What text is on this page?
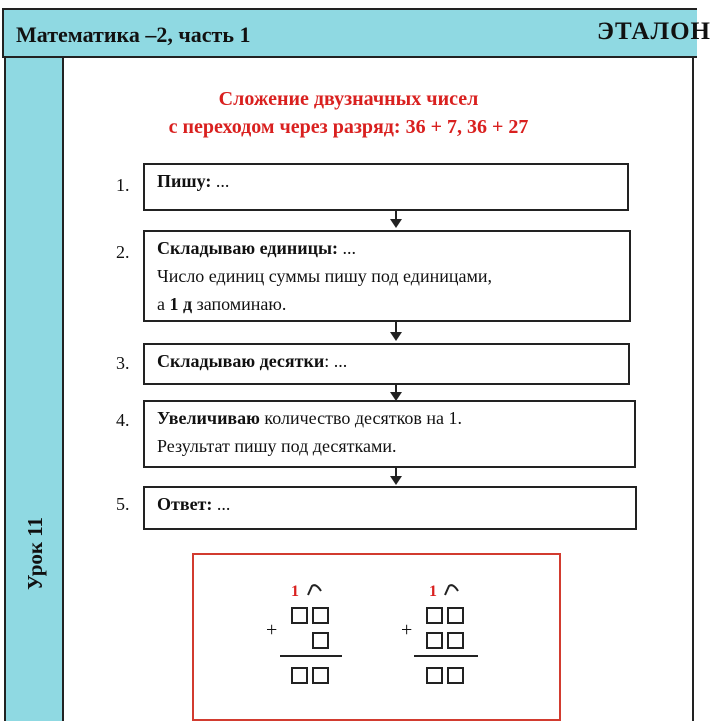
Математика –2, часть 1	ЭТАЛОН
Урок 11
Сложение двузначных чисел
с переходом через разряд: 36 + 7, 36 + 27
1.	Пишу: ...
2. Складываю единицы: ...
Число единиц суммы пишу под единицами,
а 1 д запоминаю.
3.	Складываю десятки: ...
4. Увеличиваю количество десятков на 1.
Результат пишу под десятками.
5.	Ответ: ...
1
+
1
+
